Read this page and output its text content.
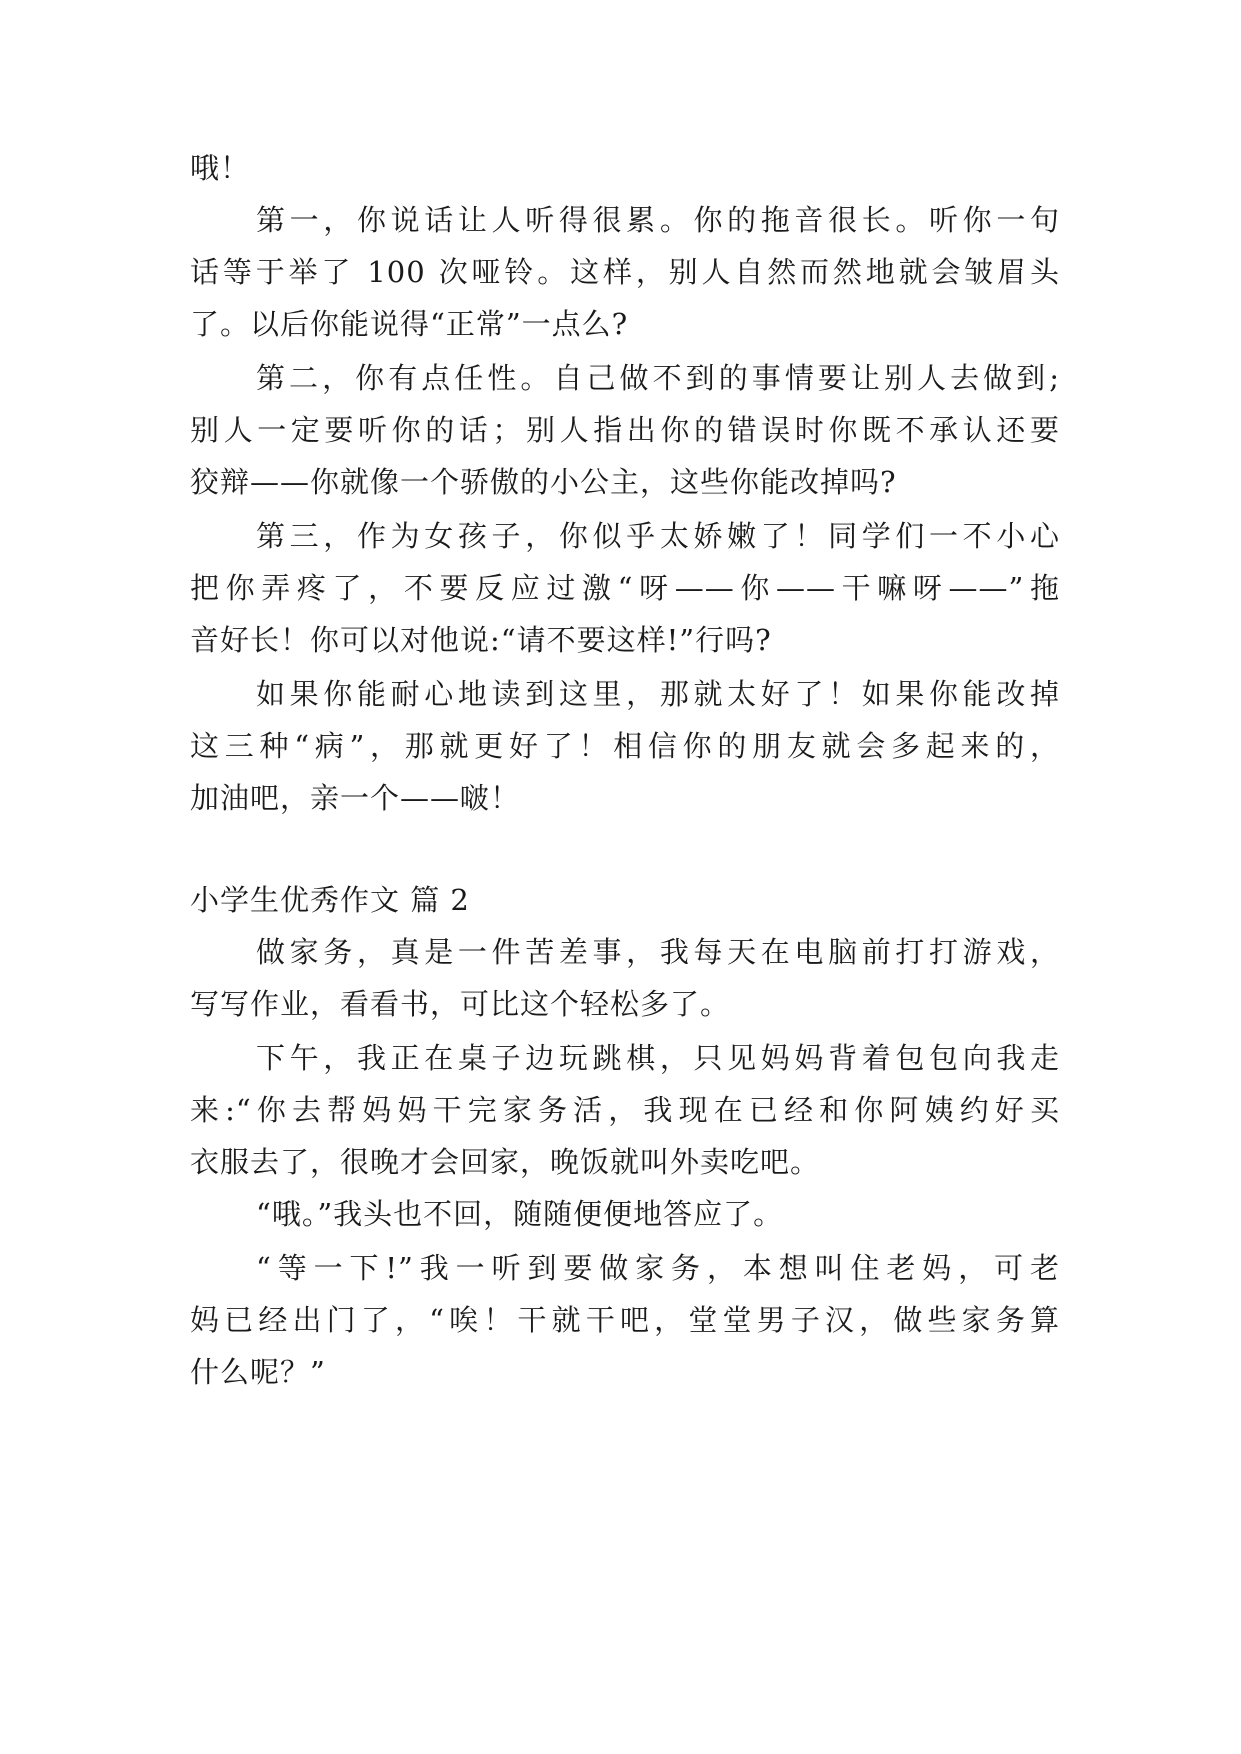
哦！
第一，你说话让人听得很累。你的拖音很长。听你一句
话等于举了 100 次哑铃。这样，别人自然而然地就会皱眉头
了。以后你能说得“正常”一点么?
第二，你有点任性。自己做不到的事情要让别人去做到;
别人一定要听你的话；别人指出你的错误时你既不承认还要
狡辩——你就像一个骄傲的小公主，这些你能改掉吗?
第三，作为女孩子，你似乎太娇嫩了！同学们一不小心
把你弄疼了，不要反应过激“呀——你——干嘛呀——”拖
音好长！你可以对他说:“请不要这样!”行吗?
如果你能耐心地读到这里，那就太好了！如果你能改掉
这三种“病”，那就更好了！相信你的朋友就会多起来的，
加油吧，亲一个——啵！
小学生优秀作文 篇 2
做家务，真是一件苦差事，我每天在电脑前打打游戏，
写写作业，看看书，可比这个轻松多了。
下午，我正在桌子边玩跳棋，只见妈妈背着包包向我走
来:“你去帮妈妈干完家务活，我现在已经和你阿姨约好买
衣服去了，很晚才会回家，晚饭就叫外卖吃吧。
“哦。”我头也不回，随随便便地答应了。
“等一下!”我一听到要做家务，本想叫住老妈，可老
妈已经出门了，“唉！干就干吧，堂堂男子汉，做些家务算
什么呢？”
